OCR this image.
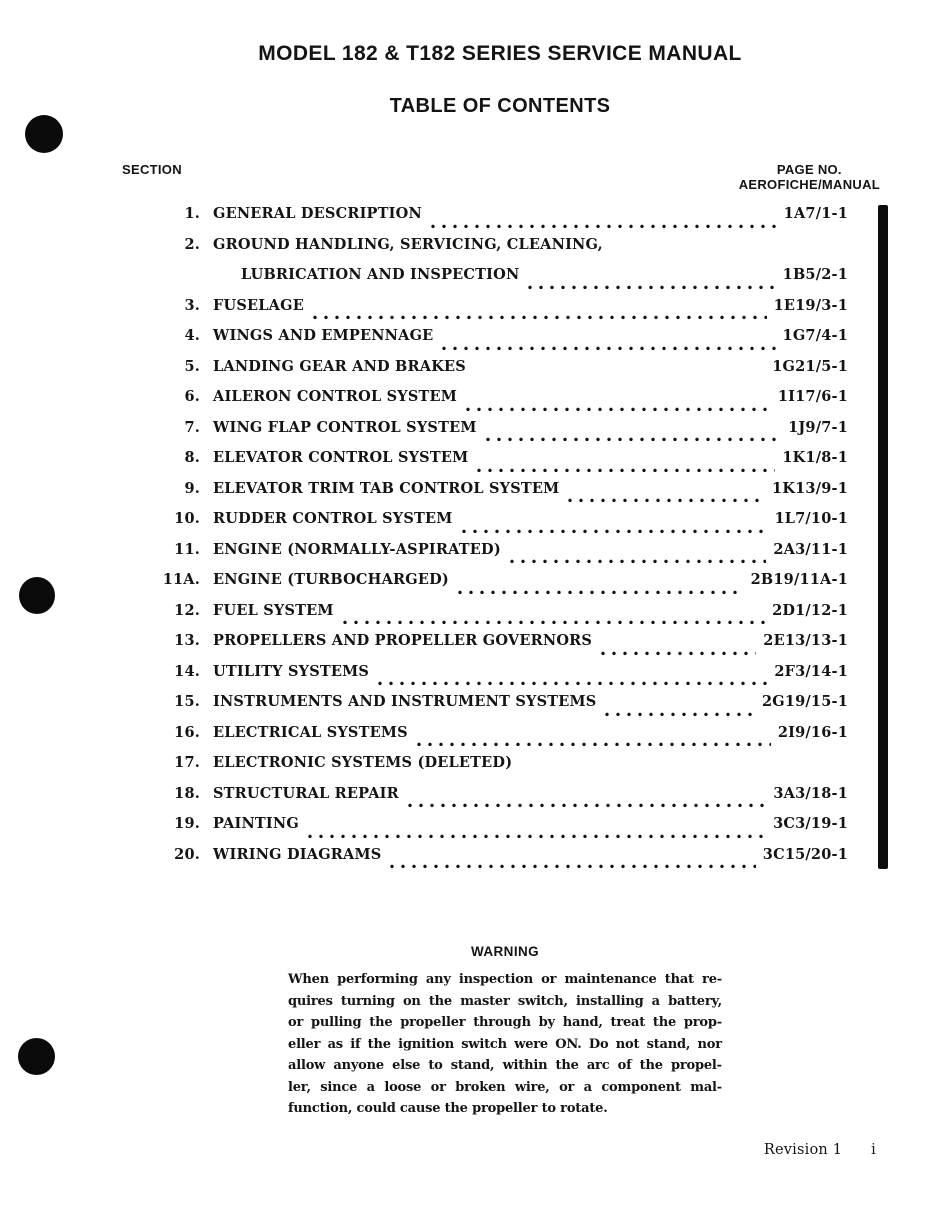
MODEL 182 & T182 SERIES SERVICE MANUAL
TABLE OF CONTENTS
SECTION	PAGE NO.
AEROFICHE/MANUAL
1. GENERAL DESCRIPTION	1A7/1-1
2. GROUND HANDLING, SERVICING, CLEANING,
LUBRICATION AND INSPECTION	1B5/2-1
3. FUSELAGE	1E19/3-1
4. WINGS AND EMPENNAGE	1G7/4-1
5. LANDING GEAR AND BRAKES	1G21/5-1
6. AILERON CONTROL SYSTEM	1I17/6-1
7. WING FLAP CONTROL SYSTEM	1J9/7-1
8. ELEVATOR CONTROL SYSTEM	1K1/8-1
9. ELEVATOR TRIM TAB CONTROL SYSTEM	1K13/9-1
10. RUDDER CONTROL SYSTEM	1L7/10-1
11. ENGINE (NORMALLY-ASPIRATED)	2A3/11-1
11A. ENGINE (TURBOCHARGED)	2B19/11A-1
12. FUEL SYSTEM	2D1/12-1
13. PROPELLERS AND PROPELLER GOVERNORS	2E13/13-1
14. UTILITY SYSTEMS	2F3/14-1
15. INSTRUMENTS AND INSTRUMENT SYSTEMS	2G19/15-1
16. ELECTRICAL SYSTEMS	2I9/16-1
17. ELECTRONIC SYSTEMS (DELETED)
18. STRUCTURAL REPAIR	3A3/18-1
19. PAINTING	3C3/19-1
20. WIRING DIAGRAMS	3C15/20-1
WARNING
When performing any inspection or maintenance that re-
quires turning on the master switch, installing a battery,
or pulling the propeller through by hand, treat the prop-
eller as if the ignition switch were ON. Do not stand, nor
allow anyone else to stand, within the arc of the propel-
ler, since a loose or broken wire, or a component mal-
function, could cause the propeller to rotate.
Revision 1 i
